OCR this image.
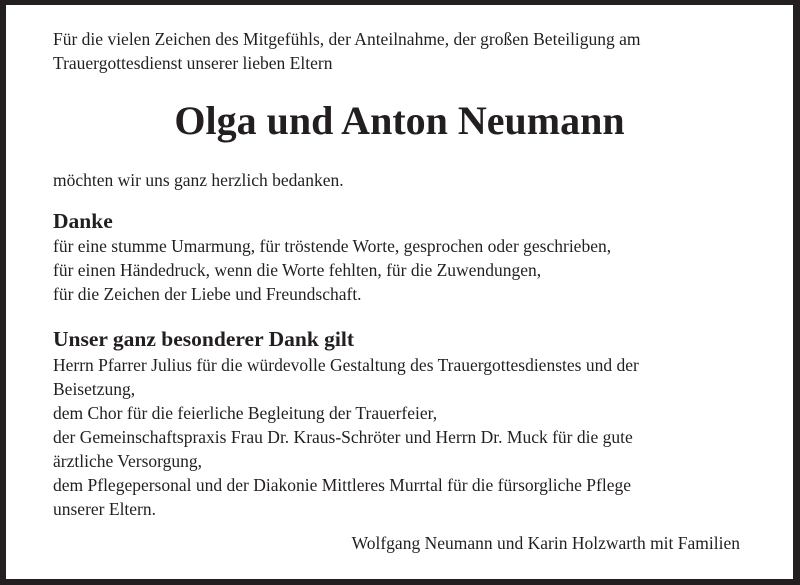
Für die vielen Zeichen des Mitgefühls, der Anteilnahme, der großen Beteiligung am
Trauergottesdienst unserer lieben Eltern
Olga und Anton Neumann
möchten wir uns ganz herzlich bedanken.
Danke
für eine stumme Umarmung, für tröstende Worte, gesprochen oder geschrieben,
für einen Händedruck, wenn die Worte fehlten, für die Zuwendungen,
für die Zeichen der Liebe und Freundschaft.
Unser ganz besonderer Dank gilt
Herrn Pfarrer Julius für die würdevolle Gestaltung des Trauergottesdienstes und der
Beisetzung,
dem Chor für die feierliche Begleitung der Trauerfeier,
der Gemeinschaftspraxis Frau Dr. Kraus-Schröter und Herrn Dr. Muck für die gute
ärztliche Versorgung,
dem Pflegepersonal und der Diakonie Mittleres Murrtal für die fürsorgliche Pflege
unserer Eltern.
Wolfgang Neumann und Karin Holzwarth mit Familien
